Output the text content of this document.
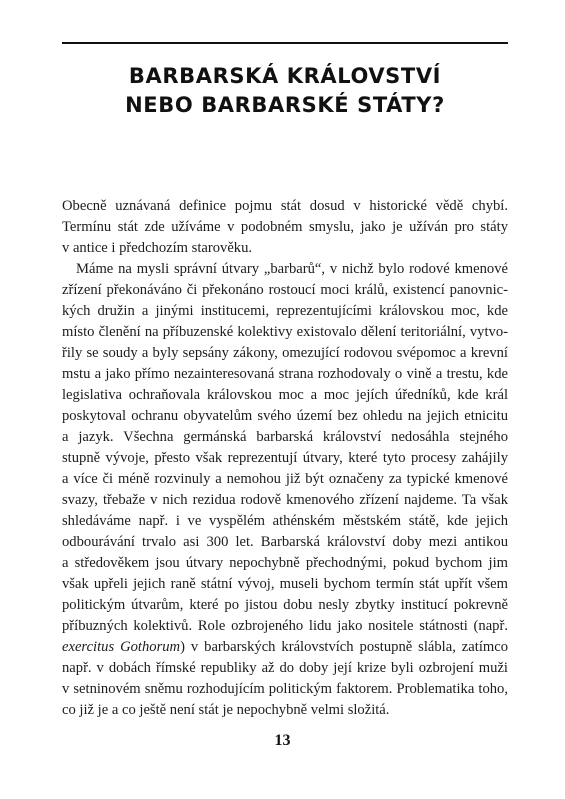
BARBARSKÁ KRÁLOVSTVÍ
NEBO BARBARSKÉ STÁTY?
Obecně uznávaná definice pojmu stát dosud v historické vědě chybí.
Termínu stát zde užíváme v podobném smyslu, jako je užíván pro státy
v antice i předchozím starověku.
Máme na mysli správní útvary „barbarů“, v nichž bylo rodové kmenové
zřízení překonáváno či překonáno rostoucí moci králů, existencí panovnic-
kých družin a jinými institucemi, reprezentujícími královskou moc, kde
místo členění na příbuzenské kolektivy existovalo dělení teritoriální, vytvo-
řily se soudy a byly sepsány zákony, omezující rodovou svépomoc a krevní
mstu a jako přímo nezainteresovaná strana rozhodovaly o vině a trestu, kde
legislativa ochraňovala královskou moc a moc jejích úředníků, kde král
poskytoval ochranu obyvatelům svého území bez ohledu na jejich etnicitu
a jazyk. Všechna germánská barbarská království nedosáhla stejného
stupně vývoje, přesto však reprezentují útvary, které tyto procesy zahájily
a více či méně rozvinuly a nemohou již být označeny za typické kmenové
svazy, třebaže v nich rezidua rodově kmenového zřízení najdeme. Ta však
shledáváme např. i ve vyspělém athénském městském státě, kde jejich
odbourávání trvalo asi 300 let. Barbarská království doby mezi antikou
a středověkem jsou útvary nepochybně přechodnými, pokud bychom jim
však upřeli jejich raně státní vývoj, museli bychom termín stát upřít všem
politickým útvarům, které po jistou dobu nesly zbytky institucí pokrevně
příbuzných kolektivů. Role ozbrojeného lidu jako nositele státnosti (např.
exercitus Gothorum) v barbarských královstvích postupně slábla, zatímco
např. v dobách římské republiky až do doby její krize byli ozbrojení muži
v setninovém sněmu rozhodujícím politickým faktorem. Problematika toho,
co již je a co ještě není stát je nepochybně velmi složitá.
13
